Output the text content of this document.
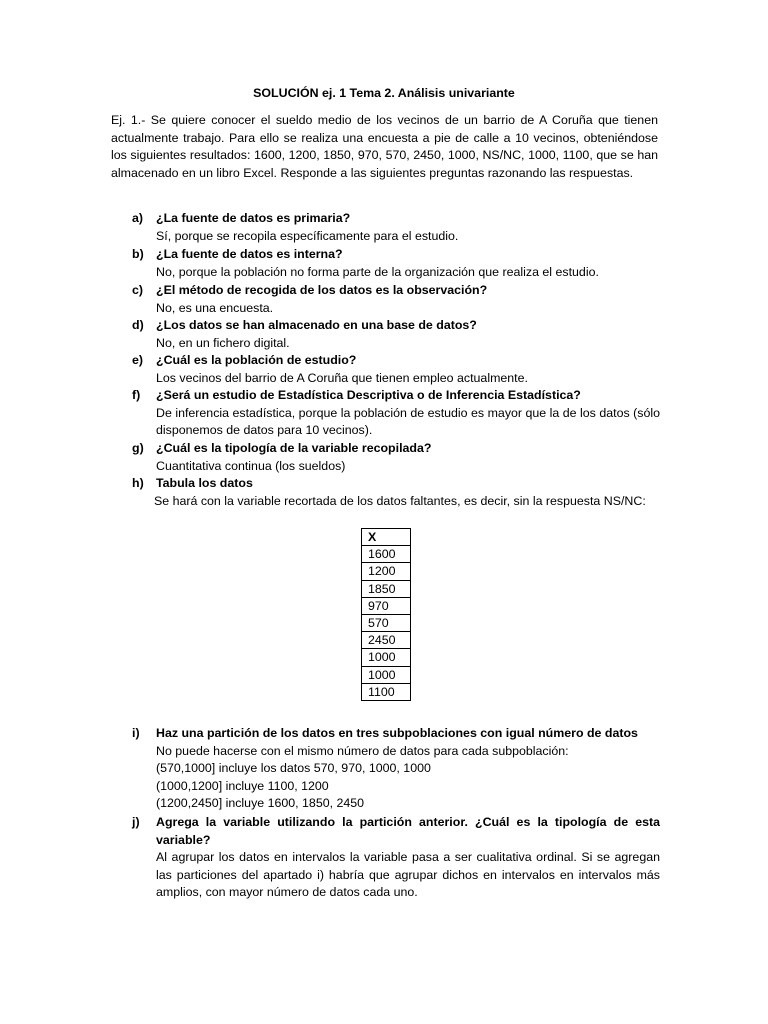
SOLUCIÓN ej. 1 Tema 2. Análisis univariante
Ej. 1.- Se quiere conocer el sueldo medio de los vecinos de un barrio de A Coruña que tienen actualmente trabajo. Para ello se realiza una encuesta a pie de calle a 10 vecinos, obteniéndose los siguientes resultados: 1600, 1200, 1850, 970, 570, 2450, 1000, NS/NC, 1000, 1100, que se han almacenado en un libro Excel. Responde a las siguientes preguntas razonando las respuestas.
a) ¿La fuente de datos es primaria?
Sí, porque se recopila específicamente para el estudio.
b) ¿La fuente de datos es interna?
No, porque la población no forma parte de la organización que realiza el estudio.
c) ¿El método de recogida de los datos es la observación?
No, es una encuesta.
d) ¿Los datos se han almacenado en una base de datos?
No, en un fichero digital.
e) ¿Cuál es la población de estudio?
Los vecinos del barrio de A Coruña que tienen empleo actualmente.
f) ¿Será un estudio de Estadística Descriptiva o de Inferencia Estadística?
De inferencia estadística, porque la población de estudio es mayor que la de los datos (sólo disponemos de datos para 10 vecinos).
g) ¿Cuál es la tipología de la variable recopilada?
Cuantitativa continua (los sueldos)
h) Tabula los datos
Se hará con la variable recortada de los datos faltantes, es decir, sin la respuesta NS/NC:
X
1600
1200
1850
970
570
2450
1000
1000
1100
i) Haz una partición de los datos en tres subpoblaciones con igual número de datos
No puede hacerse con el mismo número de datos para cada subpoblación:
(570,1000] incluye los datos 570, 970, 1000, 1000
(1000,1200] incluye 1100, 1200
(1200,2450] incluye 1600, 1850, 2450
j) Agrega la variable utilizando la partición anterior. ¿Cuál es la tipología de esta variable?
Al agrupar los datos en intervalos la variable pasa a ser cualitativa ordinal. Si se agregan las particiones del apartado i) habría que agrupar dichos en intervalos en intervalos más amplios, con mayor número de datos cada uno.
